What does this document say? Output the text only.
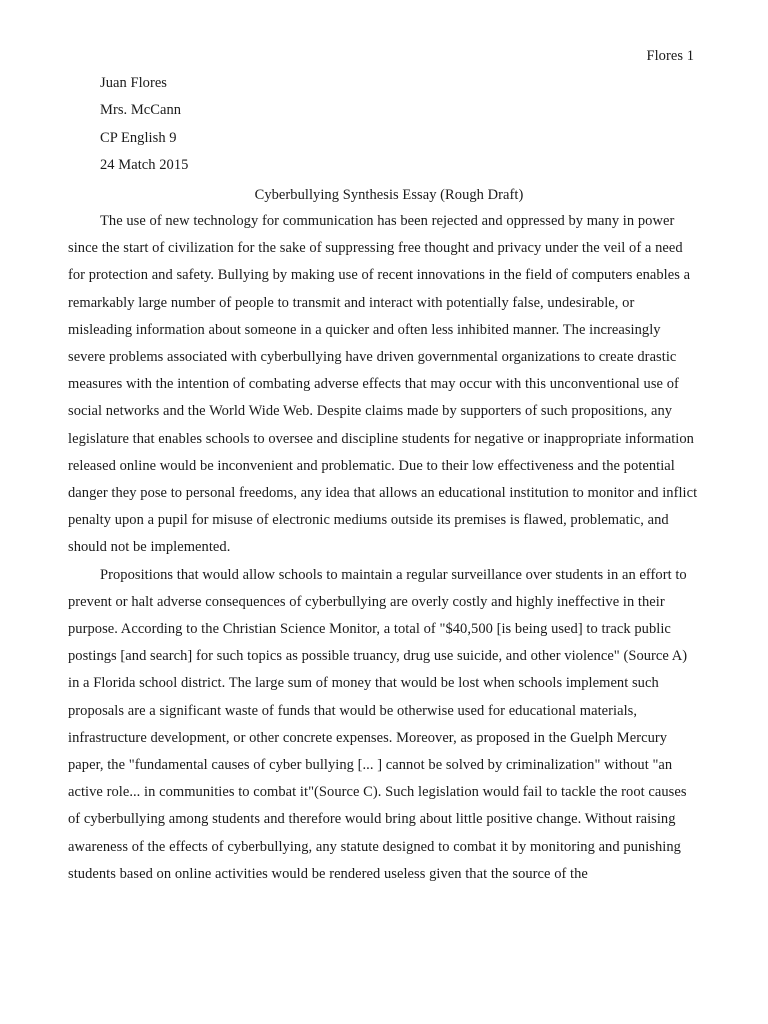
Flores 1

Juan Flores

Mrs. McCann

CP English 9

24 Match 2015

Cyberbullying Synthesis Essay (Rough Draft)

The use of new technology for communication has been rejected and oppressed by many in power since the start of civilization for the sake of suppressing free thought and privacy under the veil of a need for protection and safety. Bullying by making use of recent innovations in the field of computers enables a remarkably large number of people to transmit and interact with potentially false, undesirable, or misleading information about someone in a quicker and often less inhibited manner. The increasingly severe problems associated with cyberbullying have driven governmental organizations to create drastic measures with the intention of combating adverse effects that may occur with this unconventional use of social networks and the World Wide Web. Despite claims made by supporters of such propositions, any legislature that enables schools to oversee and discipline students for negative or inappropriate information released online would be inconvenient and problematic. Due to their low effectiveness and the potential danger they pose to personal freedoms, any idea that allows an educational institution to monitor and inflict penalty upon a pupil for misuse of electronic mediums outside its premises is flawed, problematic, and should not be implemented.

Propositions that would allow schools to maintain a regular surveillance over students in an effort to prevent or halt adverse consequences of cyberbullying are overly costly and highly ineffective in their purpose. According to the Christian Science Monitor, a total of "$40,500 [is being used] to track public postings [and search] for such topics as possible truancy, drug use suicide, and other violence" (Source A) in a Florida school district. The large sum of money that would be lost when schools implement such proposals are a significant waste of funds that would be otherwise used for educational materials, infrastructure development, or other concrete expenses. Moreover, as proposed in the Guelph Mercury paper, the "fundamental causes of cyber bullying [... ] cannot be solved by criminalization" without "an active role... in communities to combat it"(Source C). Such legislation would fail to tackle the root causes of cyberbullying among students and therefore would bring about little positive change. Without raising awareness of the effects of cyberbullying, any statute designed to combat it by monitoring and punishing students based on online activities would be rendered useless given that the source of the
